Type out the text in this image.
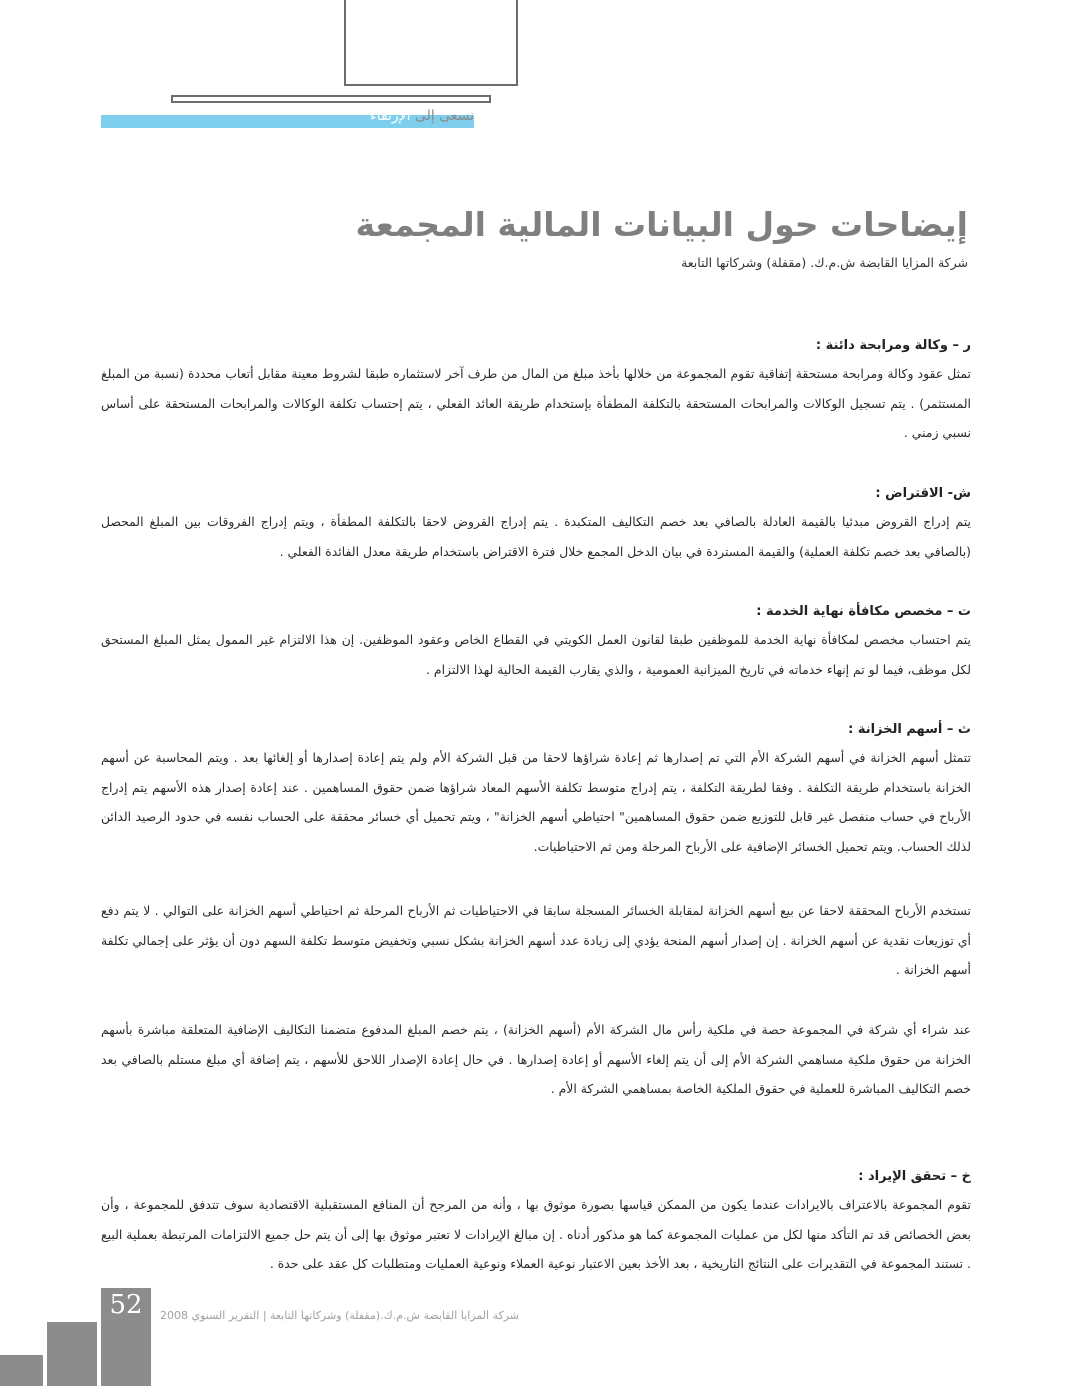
نسعى إلى الإرتقاء
إيضاحات حول البيانات المالية المجمعة
شركة المزايا القابضة ش.م.ك. (مقفلة) وشركاتها التابعة
ر – وكالة ومرابحة دائنة :

تمثل عقود وكالة ومرابحة مستحقة إتفاقية تقوم المجموعة من خلالها بأخذ مبلغ من المال من طرف آخر لاستثماره طبقا لشروط معينة مقابل أتعاب محددة (نسبة من المبلغ المستثمر) . يتم تسجيل الوكالات والمرابحات المستحقة بالتكلفة المطفأة بإستخدام طريقة العائد الفعلي ، يتم إحتساب تكلفة الوكالات والمرابحات المستحقة على أساس نسبي زمني .

ش- الاقتراض :

يتم إدراج القروض مبدئيا بالقيمة العادلة بالصافي بعد خصم التكاليف المتكبدة . يتم إدراج القروض لاحقا بالتكلفة المطفأة ، ويتم إدراج الفروقات بين المبلغ المحصل (بالصافي بعد خصم تكلفة العملية) والقيمة المستردة في بيان الدخل المجمع خلال فترة الاقتراض باستخدام طريقة معدل الفائدة الفعلي .

ت – مخصص مكافأة نهاية الخدمة :

يتم احتساب مخصص لمكافأة نهاية الخدمة للموظفين طبقا لقانون العمل الكويتي في القطاع الخاص وعقود الموظفين. إن هذا الالتزام غير الممول يمثل المبلغ المستحق لكل موظف، فيما لو تم إنهاء خدماته في تاريخ الميزانية العمومية ، والذي يقارب القيمة الحالية لهذا الالتزام .

ث – أسهم الخزانة :

تتمثل أسهم الخزانة في أسهم الشركة الأم التي تم إصدارها ثم إعادة شراؤها لاحقا من قبل الشركة الأم ولم يتم إعادة إصدارها أو إلغائها بعد . ويتم المحاسبة عن أسهم الخزانة باستخدام طريقة التكلفة . وفقا لطريقة التكلفة ، يتم إدراج متوسط تكلفة الأسهم المعاد شراؤها ضمن حقوق المساهمين . عند إعادة إصدار هذه الأسهم يتم إدراج الأرباح في حساب منفصل غير قابل للتوزيع ضمن حقوق المساهمين" احتياطي أسهم الخزانة" ، ويتم تحميل أي خسائر محققة على الحساب نفسه في حدود الرصيد الدائن لذلك الحساب. ويتم تحميل الخسائر الإضافية على الأرباح المرحلة ومن ثم الاحتياطيات.

تستخدم الأرباح المحققة لاحقا عن بيع أسهم الخزانة لمقابلة الخسائر المسجلة سابقا في الاحتياطيات ثم الأرباح المرحلة ثم احتياطي أسهم الخزانة على التوالي . لا يتم دفع أي توزيعات نقدية عن أسهم الخزانة . إن إصدار أسهم المنحة يؤدي إلى زيادة عدد أسهم الخزانة بشكل نسبي وتخفيض متوسط تكلفة السهم دون أن يؤثر على إجمالي تكلفة أسهم الخزانة .

عند شراء أي شركة في المجموعة حصة في ملكية رأس مال الشركة الأم (أسهم الخزانة) ، يتم خصم المبلغ المدفوع متضمنا التكاليف الإضافية المتعلقة مباشرة بأسهم الخزانة من حقوق ملكية مساهمي الشركة الأم إلى أن يتم إلغاء الأسهم أو إعادة إصدارها . في حال إعادة الإصدار اللاحق للأسهم ، يتم إضافة أي مبلغ مستلم بالصافي بعد خصم التكاليف المباشرة للعملية في حقوق الملكية الخاصة بمساهمي الشركة الأم .

خ – تحقق الإيراد :

تقوم المجموعة بالاعتراف بالايرادات عندما يكون من الممكن قياسها بصورة موثوق بها ، وأنه من المرجح أن المنافع المستقبلية الاقتصادية سوف تتدفق للمجموعة ، وأن بعض الخصائص قد تم التأكد منها لكل من عمليات المجموعة كما هو مذكور أدناه . إن مبالغ الإيرادات لا تعتبر موثوق بها إلى أن يتم حل جميع الالتزامات المرتبطة بعملية البيع . تستند المجموعة في التقديرات على النتائج التاريخية ، بعد الأخذ بعين الاعتبار نوعية العملاء ونوعية العمليات ومتطلبات كل عقد على حدة .

52	شركة المزايا القابضة ش.م.ك.(مقفلة) وشركاتها التابعة | التقرير السنوي 2008
